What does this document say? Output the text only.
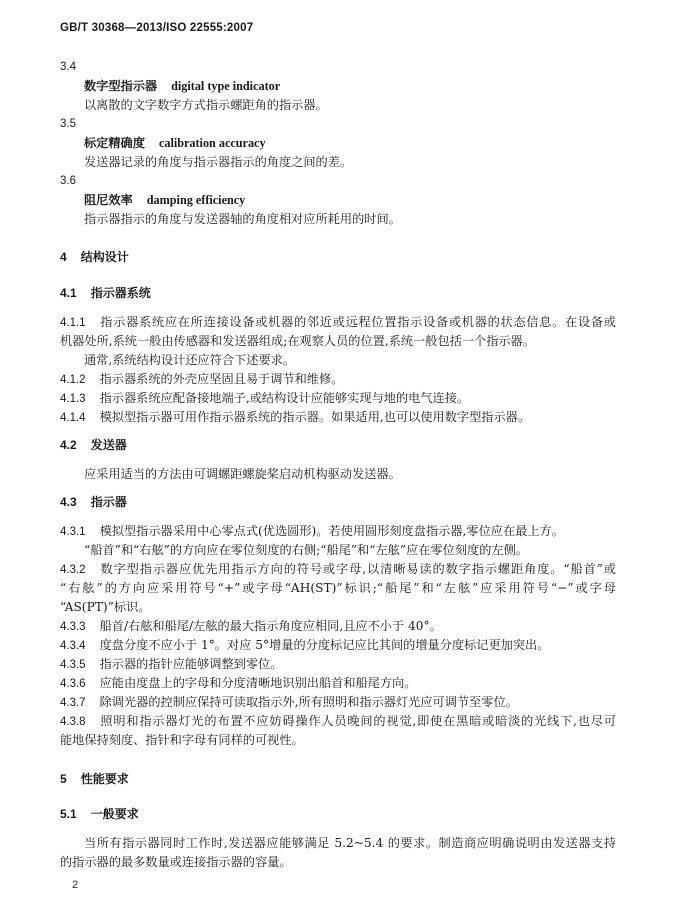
GB/T 30368—2013/ISO 22555:2007
3.4
数字型指示器 digital type indicator
以离散的文字数字方式指示螺距角的指示器。
3.5
标定精确度 calibration accuracy
发送器记录的角度与指示器指示的角度之间的差。
3.6
阻尼效率 damping efficiency
指示器指示的角度与发送器轴的角度相对应所耗用的时间。
4 结构设计
4.1 指示器系统
4.1.1 指示器系统应在所连接设备或机器的邻近或远程位置指示设备或机器的状态信息。在设备或
机器处所,系统一般由传感器和发送器组成;在观察人员的位置,系统一般包括一个指示器。
通常,系统结构设计还应符合下述要求。
4.1.2 指示器系统的外壳应坚固且易于调节和维修。
4.1.3 指示器系统应配备接地端子,或结构设计应能够实现与地的电气连接。
4.1.4 模拟型指示器可用作指示器系统的指示器。如果适用,也可以使用数字型指示器。
4.2 发送器
应采用适当的方法由可调螺距螺旋桨启动机构驱动发送器。
4.3 指示器
4.3.1 模拟型指示器采用中心零点式(优选圆形)。若使用圆形刻度盘指示器,零位应在最上方。
“船首”和“右舷”的方向应在零位刻度的右侧;“船尾”和“左舷”应在零位刻度的左侧。
4.3.2 数字型指示器应优先用指示方向的符号或字母,以清晰易读的数字指示螺距角度。“船首”或
“右舷”的方向应采用符号“+”或字母“AH(ST)”标识;“船尾”和“左舷”应采用符号“−”或字母
“AS(PT)”标识。
4.3.3 船首/右舷和船尾/左舷的最大指示角度应相同,且应不小于 40°。
4.3.4 度盘分度不应小于 1°。对应 5°增量的分度标记应比其间的增量分度标记更加突出。
4.3.5 指示器的指针应能够调整到零位。
4.3.6 应能由度盘上的字母和分度清晰地识别出船首和船尾方向。
4.3.7 除调光器的控制应保持可读取指示外,所有照明和指示器灯光应可调节至零位。
4.3.8 照明和指示器灯光的布置不应妨碍操作人员晚间的视觉,即使在黑暗或暗淡的光线下,也尽可
能地保持刻度、指针和字母有同样的可视性。
5 性能要求
5.1 一般要求
当所有指示器同时工作时,发送器应能够满足 5.2~5.4 的要求。制造商应明确说明由发送器支持
的指示器的最多数量或连接指示器的容量。
2
